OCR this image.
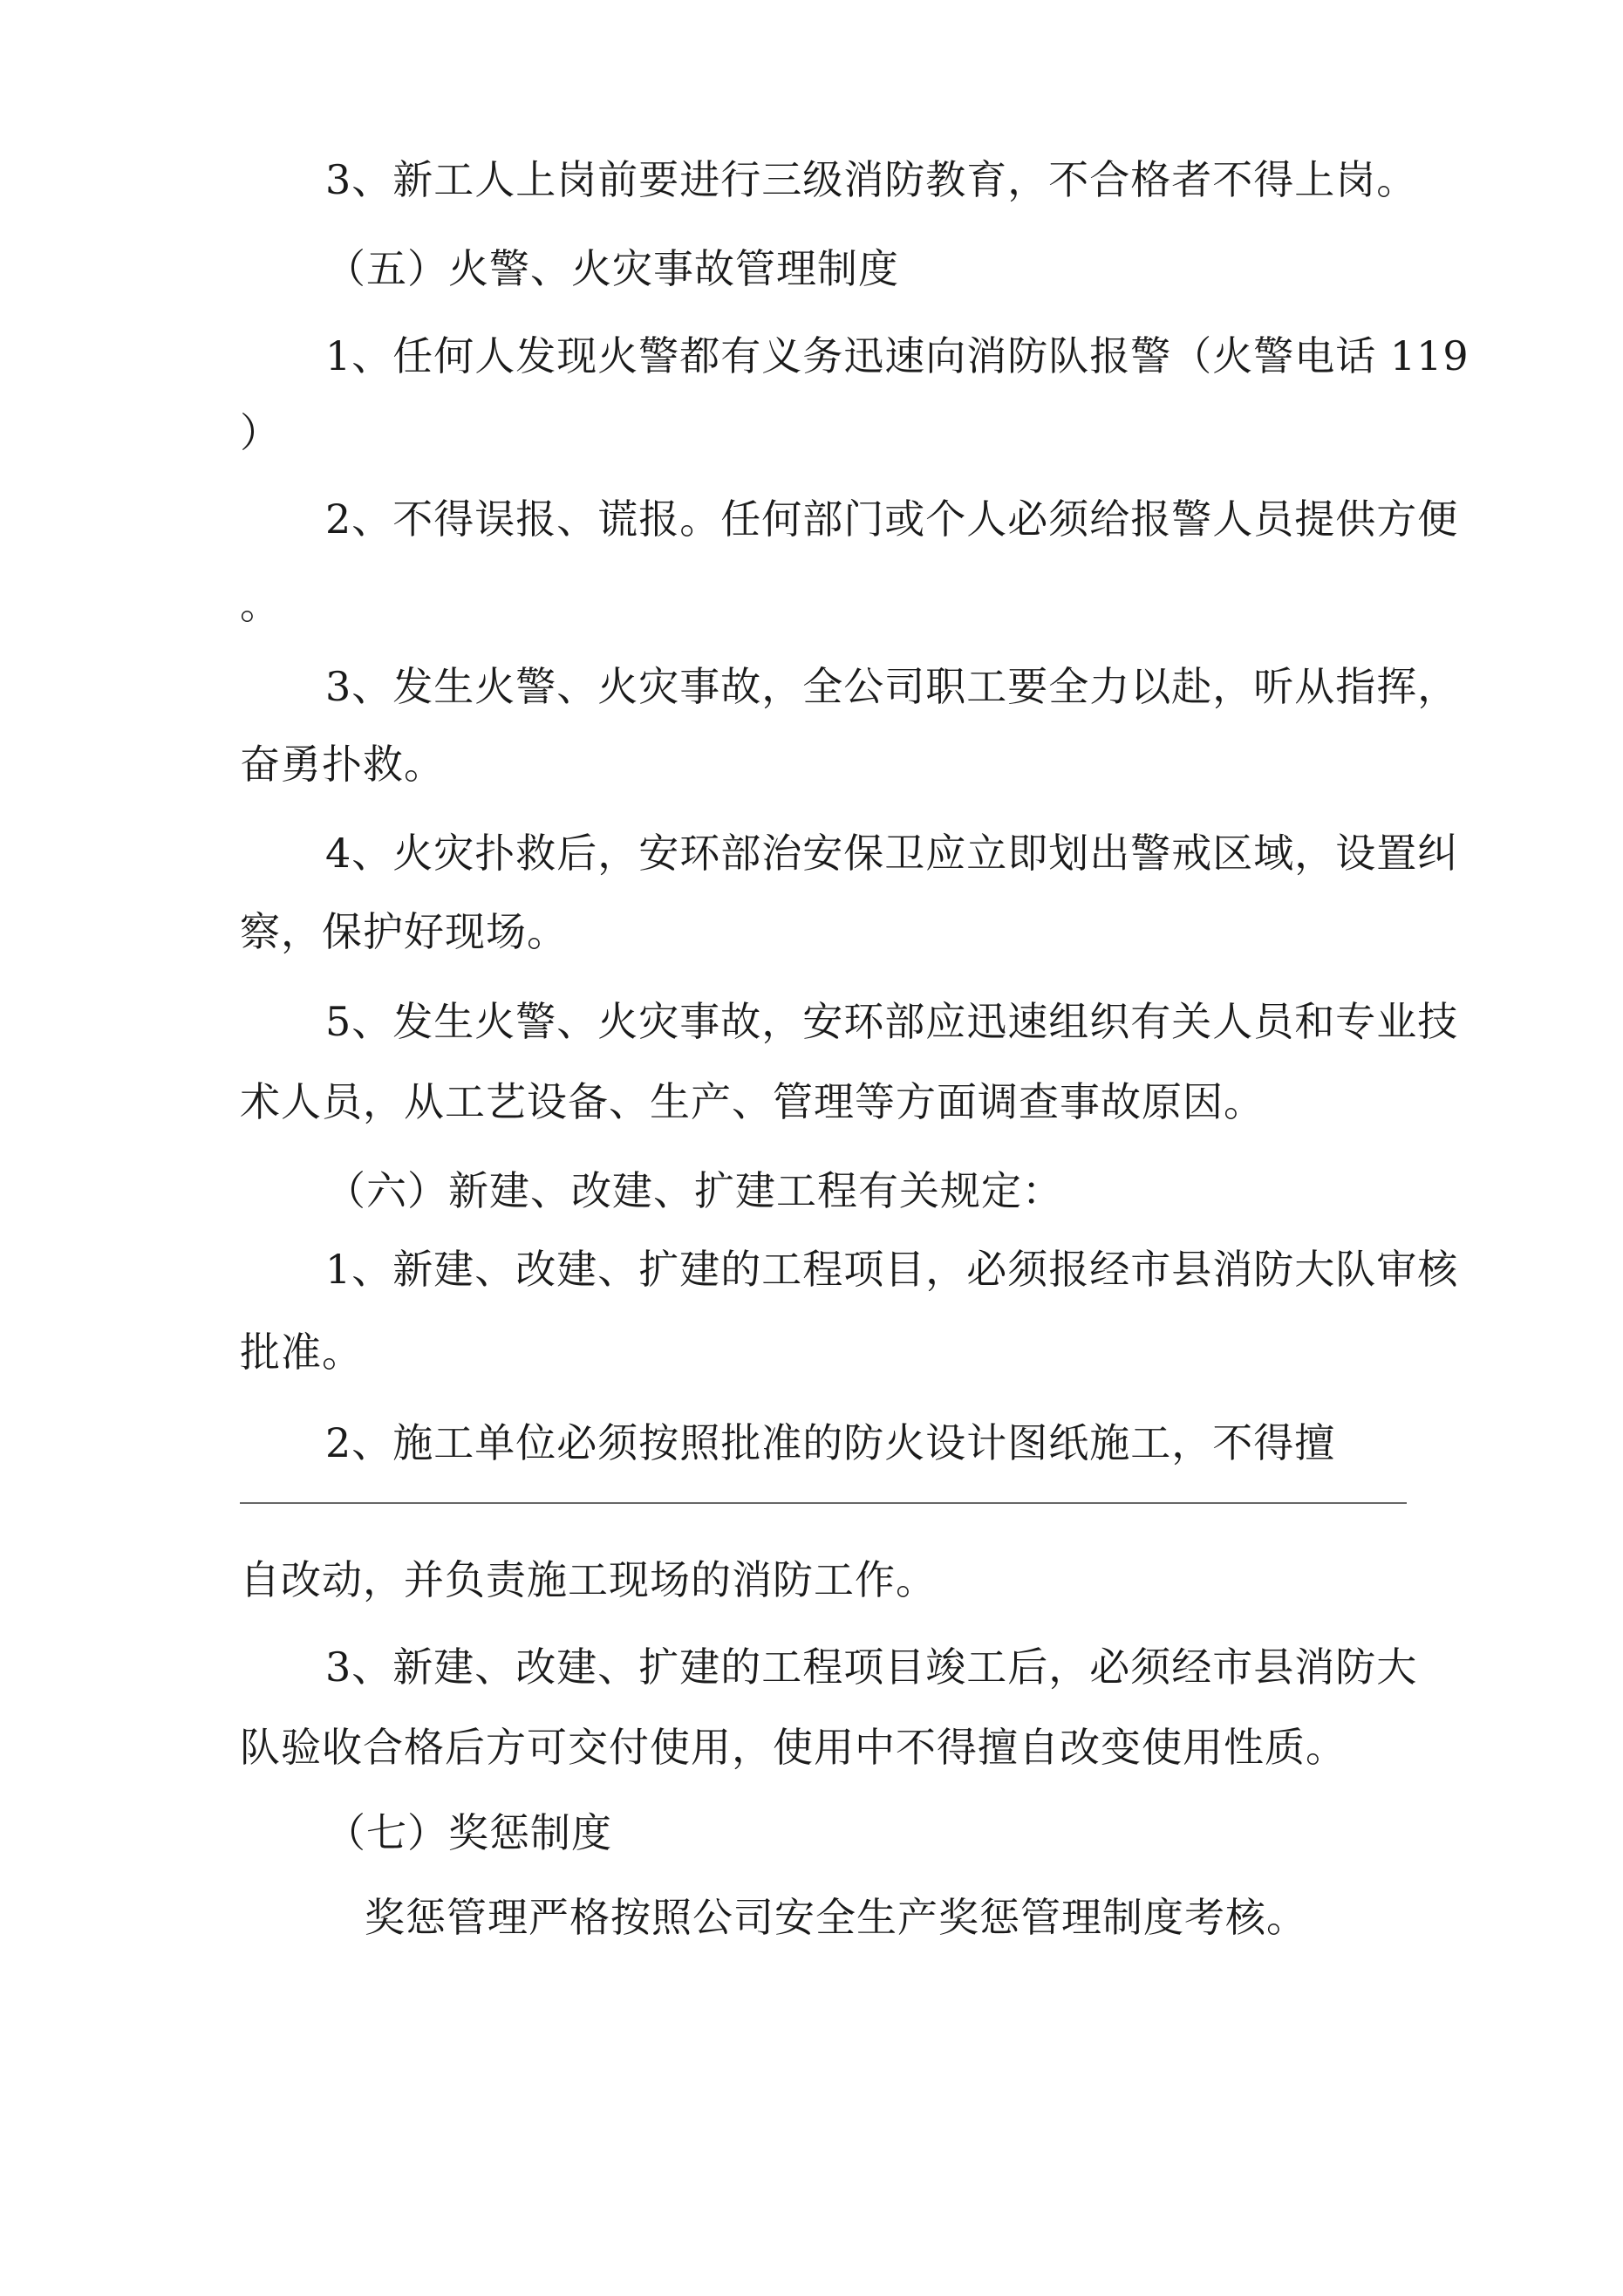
3、新工人上岗前要进行三级消防教育，不合格者不得上岗。
（五）火警、火灾事故管理制度
1、任何人发现火警都有义务迅速向消防队报警（火警电话 119
）
2、不得误报、谎报。任何部门或个人必须给报警人员提供方便
。
3、发生火警、火灾事故，全公司职工要全力以赴，听从指挥，
奋勇扑救。
4、火灾扑救后，安环部治安保卫应立即划出警戒区域，设置纠
察，保护好现场。
5、发生火警、火灾事故，安环部应迅速组织有关人员和专业技
术人员，从工艺设备、生产、管理等方面调查事故原因。
（六）新建、改建、扩建工程有关规定：
1、新建、改建、扩建的工程项目，必须报经市县消防大队审核
批准。
2、施工单位必须按照批准的防火设计图纸施工，不得擅
自改动，并负责施工现场的消防工作。
3、新建、改建、扩建的工程项目竣工后，必须经市县消防大
队验收合格后方可交付使用，使用中不得擅自改变使用性质。
（七）奖惩制度
奖惩管理严格按照公司安全生产奖惩管理制度考核。
